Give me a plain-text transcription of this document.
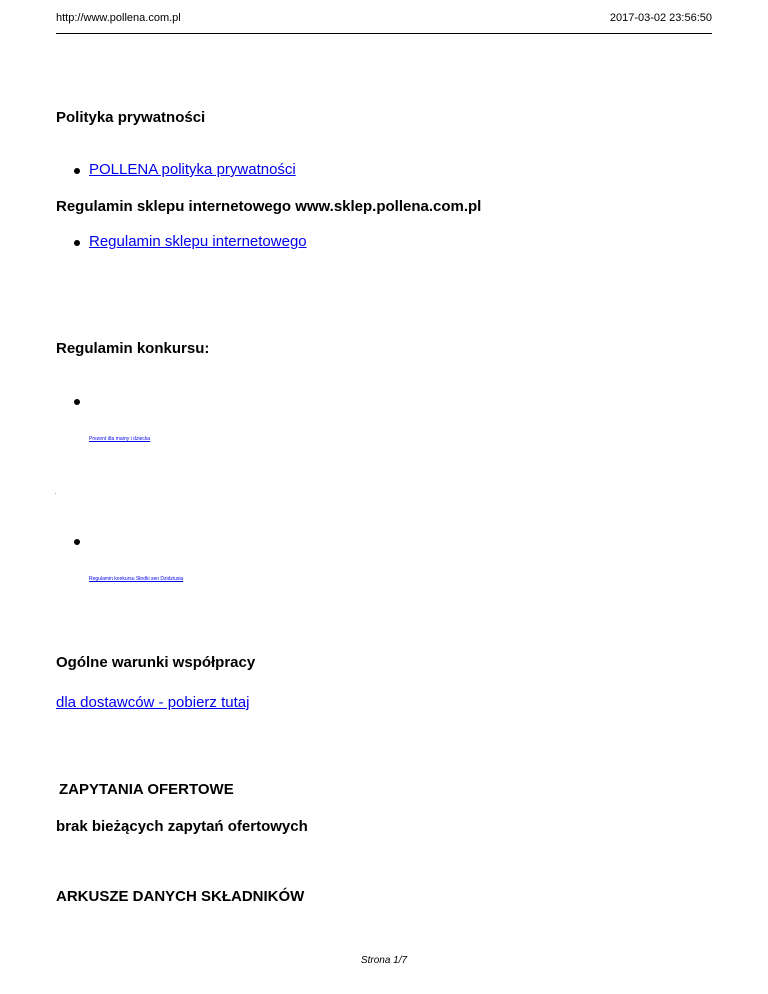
http://www.pollena.com.pl	2017-03-02 23:56:50
Polityka prywatności
POLLENA polityka prywatności
Regulamin sklepu internetowego www.sklep.pollena.com.pl
Regulamin sklepu internetowego
Regulamin konkursu:
Prezent dla mamy i dziecka
.
Regulamin konkursu Słodki sen Dzidziusia
Ogólne warunki współpracy
dla dostawców - pobierz tutaj
ZAPYTANIA OFERTOWE
brak bieżących zapytań ofertowych
ARKUSZE DANYCH SKŁADNIKÓW
Strona 1/7
